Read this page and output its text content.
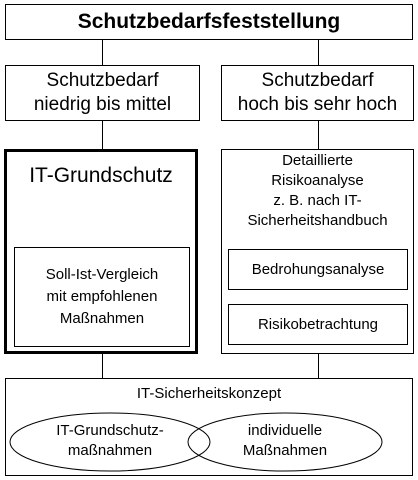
Schutzbedarfsfeststellung
Schutzbedarf
niedrig bis mittel
Schutzbedarf
hoch bis sehr hoch
IT-Grundschutz
Soll-Ist-Vergleich
mit empfohlenen
Maßnahmen
Detaillierte
Risikoanalyse
z. B. nach IT-
Sicherheitshandbuch
Bedrohungsanalyse
Risikobetrachtung
IT-Sicherheitskonzept
IT-Grundschutz-
maßnahmen
individuelle
Maßnahmen
